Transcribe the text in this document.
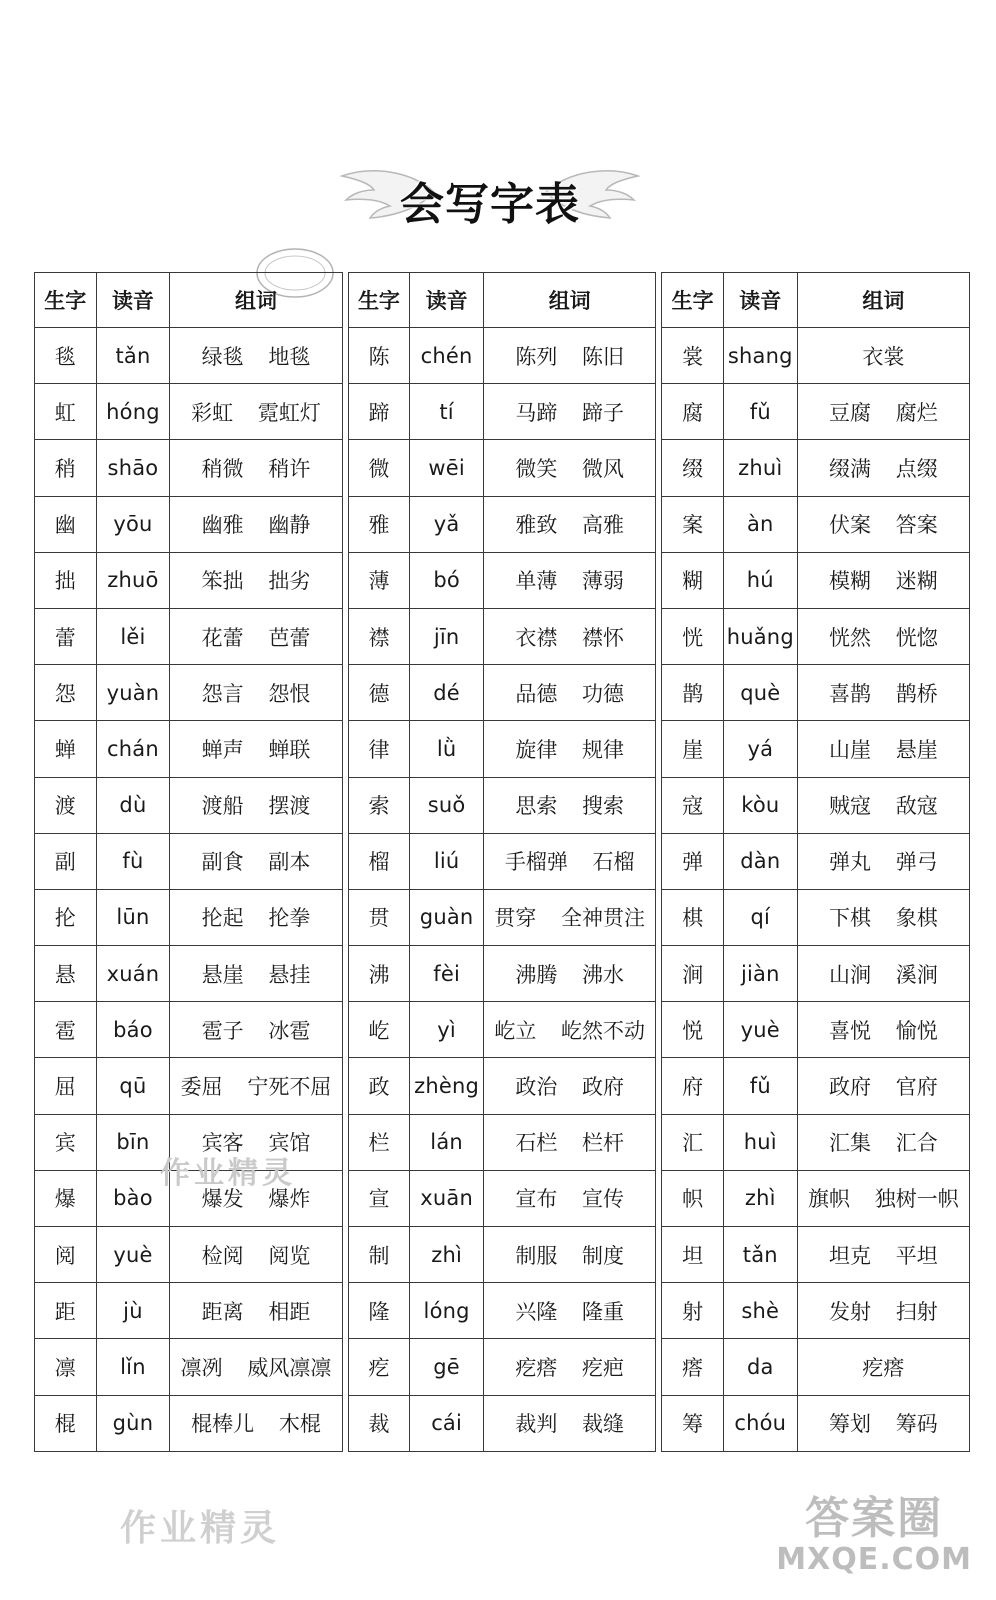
会写字表
生字	读音	组词
毯	tǎn	绿毯 地毯
虹	hóng	彩虹 霓虹灯
稍	shāo	稍微 稍许
幽	yōu	幽雅 幽静
拙	zhuō	笨拙 拙劣
蕾	lěi	花蕾 芭蕾
怨	yuàn	怨言 怨恨
蝉	chán	蝉声 蝉联
渡	dù	渡船 摆渡
副	fù	副食 副本
抡	lūn	抡起 抡拳
悬	xuán	悬崖 悬挂
雹	báo	雹子 冰雹
屈	qū	委屈 宁死不屈
宾	bīn	宾客 宾馆
爆	bào	爆发 爆炸
阅	yuè	检阅 阅览
距	jù	距离 相距
凛	lǐn	凛冽 威风凛凛
棍	gùn	棍棒儿 木棍
生字	读音	组词
陈	chén	陈列 陈旧
蹄	tí	马蹄 蹄子
微	wēi	微笑 微风
雅	yǎ	雅致 高雅
薄	bó	单薄 薄弱
襟	jīn	衣襟 襟怀
德	dé	品德 功德
律	lǜ	旋律 规律
索	suǒ	思索 搜索
榴	liú	手榴弹 石榴
贯	guàn	贯穿 全神贯注
沸	fèi	沸腾 沸水
屹	yì	屹立 屹然不动
政	zhèng	政治 政府
栏	lán	石栏 栏杆
宣	xuān	宣布 宣传
制	zhì	制服 制度
隆	lóng	兴隆 隆重
疙	gē	疙瘩 疙疤
裁	cái	裁判 裁缝
生字	读音	组词
裳	shang	衣裳
腐	fǔ	豆腐 腐烂
缀	zhuì	缀满 点缀
案	àn	伏案 答案
糊	hú	模糊 迷糊
恍	huǎng	恍然 恍惚
鹊	què	喜鹊 鹊桥
崖	yá	山崖 悬崖
寇	kòu	贼寇 敌寇
弹	dàn	弹丸 弹弓
棋	qí	下棋 象棋
涧	jiàn	山涧 溪涧
悦	yuè	喜悦 愉悦
府	fǔ	政府 官府
汇	huì	汇集 汇合
帜	zhì	旗帜 独树一帜
坦	tǎn	坦克 平坦
射	shè	发射 扫射
瘩	da	疙瘩
筹	chóu	筹划 筹码
作业精灵
作业精灵	答案圈
MXQE.COM
